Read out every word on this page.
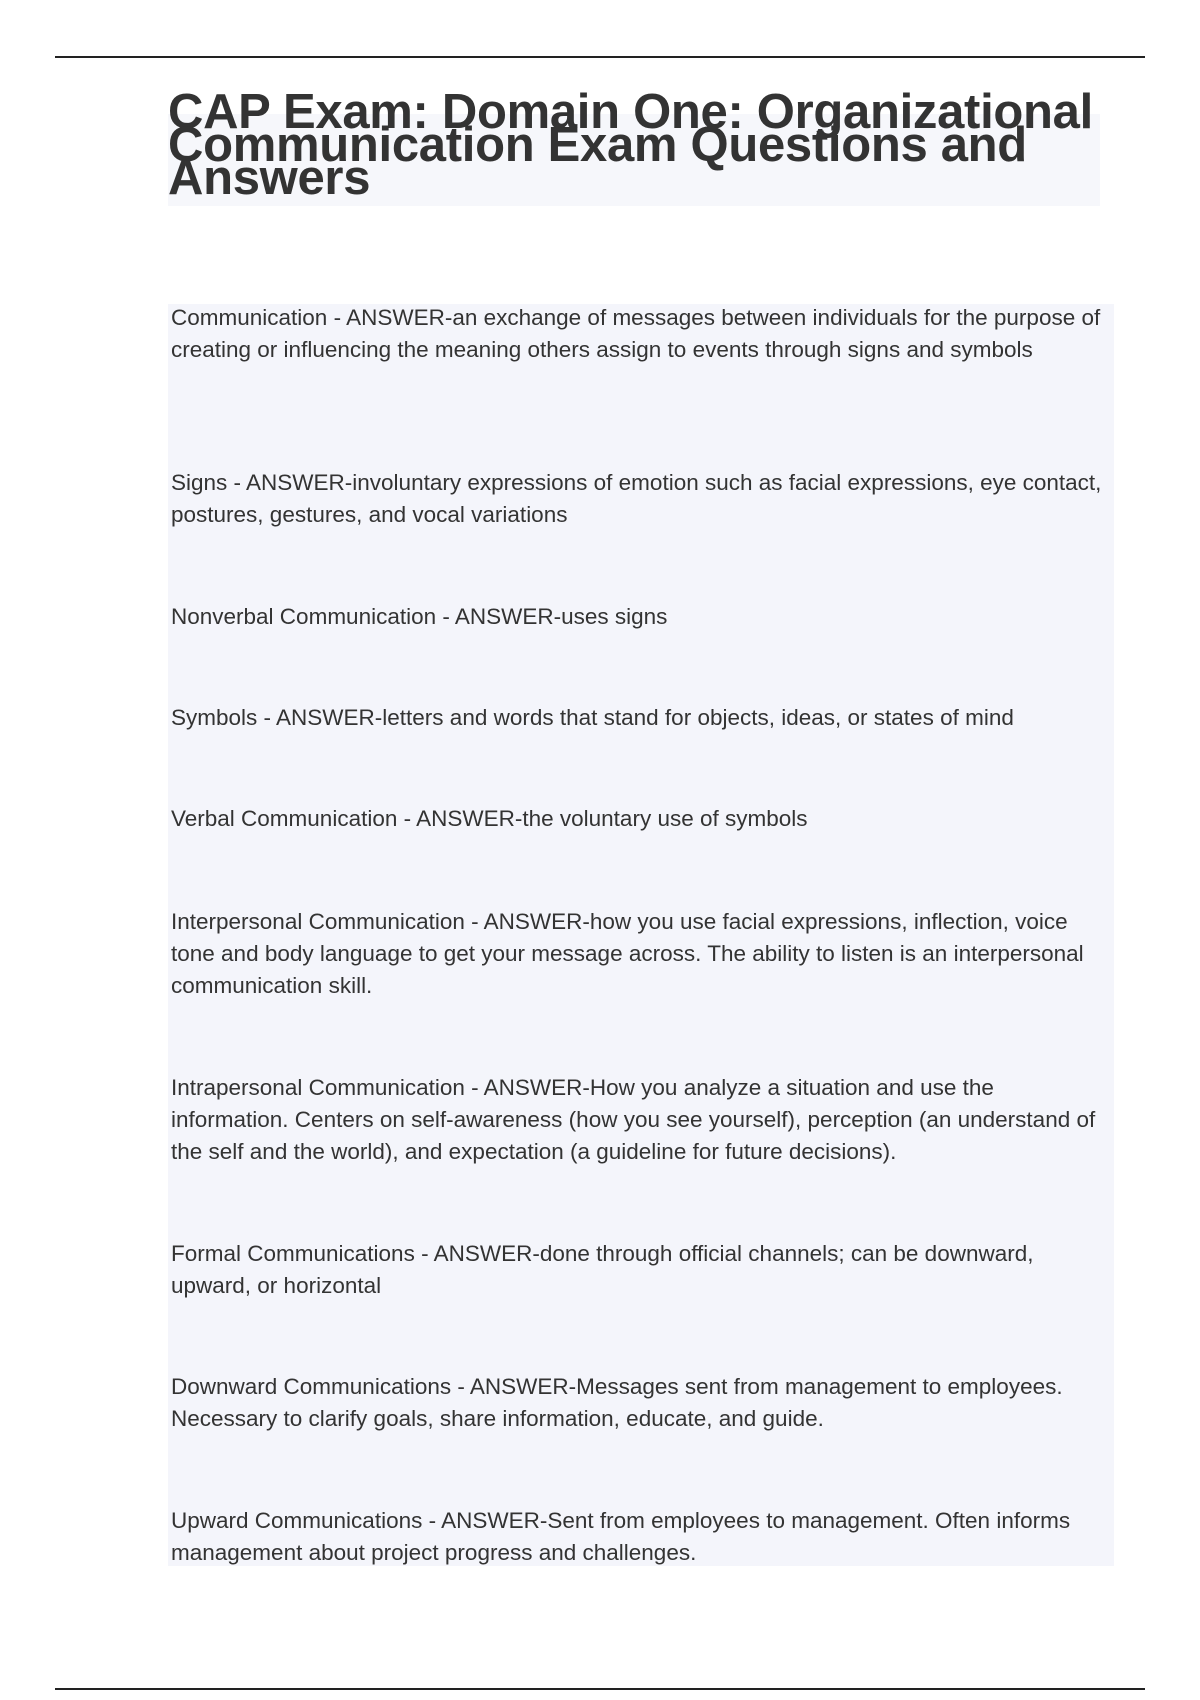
CAP Exam: Domain One: Organizational Communication Exam Questions and Answers

Communication - ANSWER-an exchange of messages between individuals for the purpose of creating or influencing the meaning others assign to events through signs and symbols

Signs - ANSWER-involuntary expressions of emotion such as facial expressions, eye contact, postures, gestures, and vocal variations

Nonverbal Communication - ANSWER-uses signs

Symbols - ANSWER-letters and words that stand for objects, ideas, or states of mind

Verbal Communication - ANSWER-the voluntary use of symbols

Interpersonal Communication - ANSWER-how you use facial expressions, inflection, voice tone and body language to get your message across. The ability to listen is an interpersonal communication skill.

Intrapersonal Communication - ANSWER-How you analyze a situation and use the information. Centers on self-awareness (how you see yourself), perception (an understand of the self and the world), and expectation (a guideline for future decisions).

Formal Communications - ANSWER-done through official channels; can be downward, upward, or horizontal

Downward Communications - ANSWER-Messages sent from management to employees. Necessary to clarify goals, share information, educate, and guide.

Upward Communications - ANSWER-Sent from employees to management. Often informs management about project progress and challenges.
